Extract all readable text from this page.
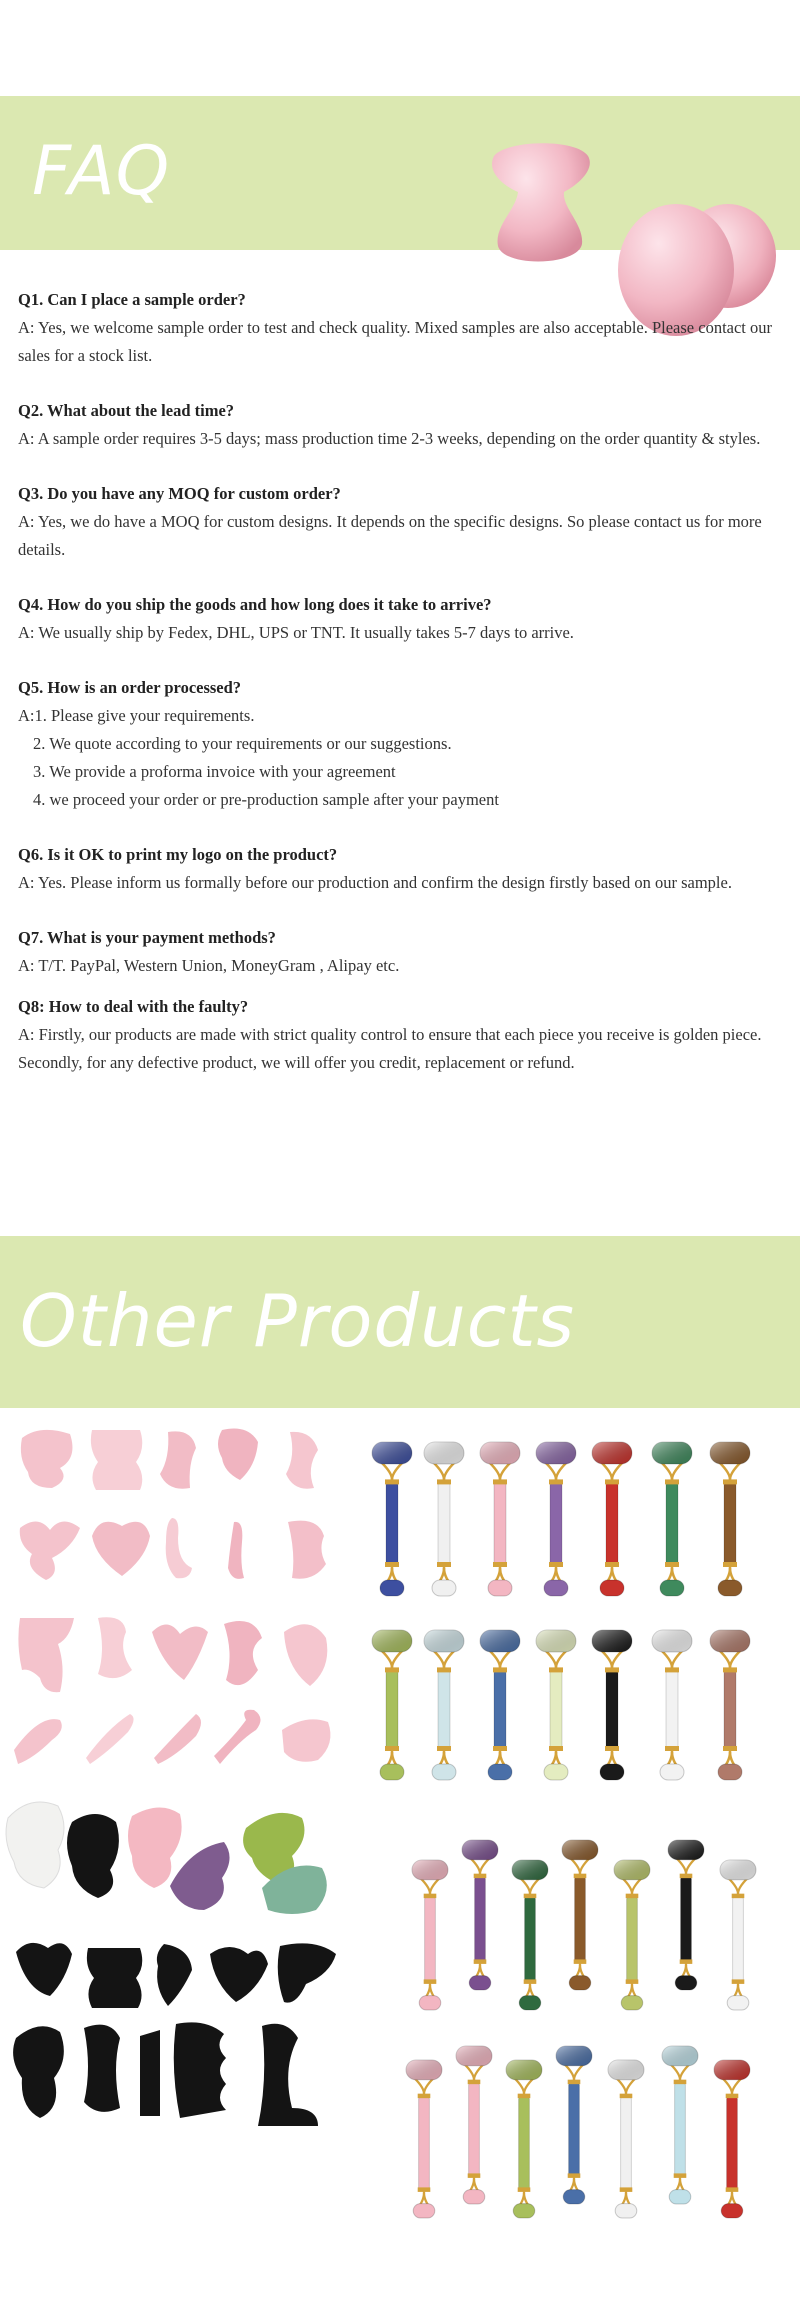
FAQ
Q1. Can I place a sample order?
A: Yes, we welcome sample order to test and check quality. Mixed samples are also acceptable. Please contact our sales for a stock list.
Q2. What about the lead time?
A: A sample order requires 3-5 days; mass production time 2-3 weeks, depending on the order quantity & styles.
Q3. Do you have any MOQ for custom order?
A: Yes, we do have a MOQ for custom designs. It depends on the specific designs. So please contact us for more details.
Q4. How do you ship the goods and how long does it take to arrive?
A: We usually ship by Fedex, DHL, UPS or TNT. It usually takes 5-7 days to arrive.
Q5. How is an order processed?
A:1. Please give your requirements.
2. We quote according to your requirements or our suggestions.
3. We provide a proforma invoice with your agreement
4. we proceed your order or pre-production sample after your payment
Q6. Is it OK to print my logo on the product?
A: Yes. Please inform us formally before our production and confirm the design firstly based on our sample.
Q7. What is your payment methods?
A: T/T. PayPal, Western Union, MoneyGram , Alipay etc.
Q8: How to deal with the faulty?
A: Firstly, our products are made with strict quality control to ensure that each piece you receive is golden piece.
Secondly, for any defective product, we will offer you credit, replacement or refund.
Other Products
